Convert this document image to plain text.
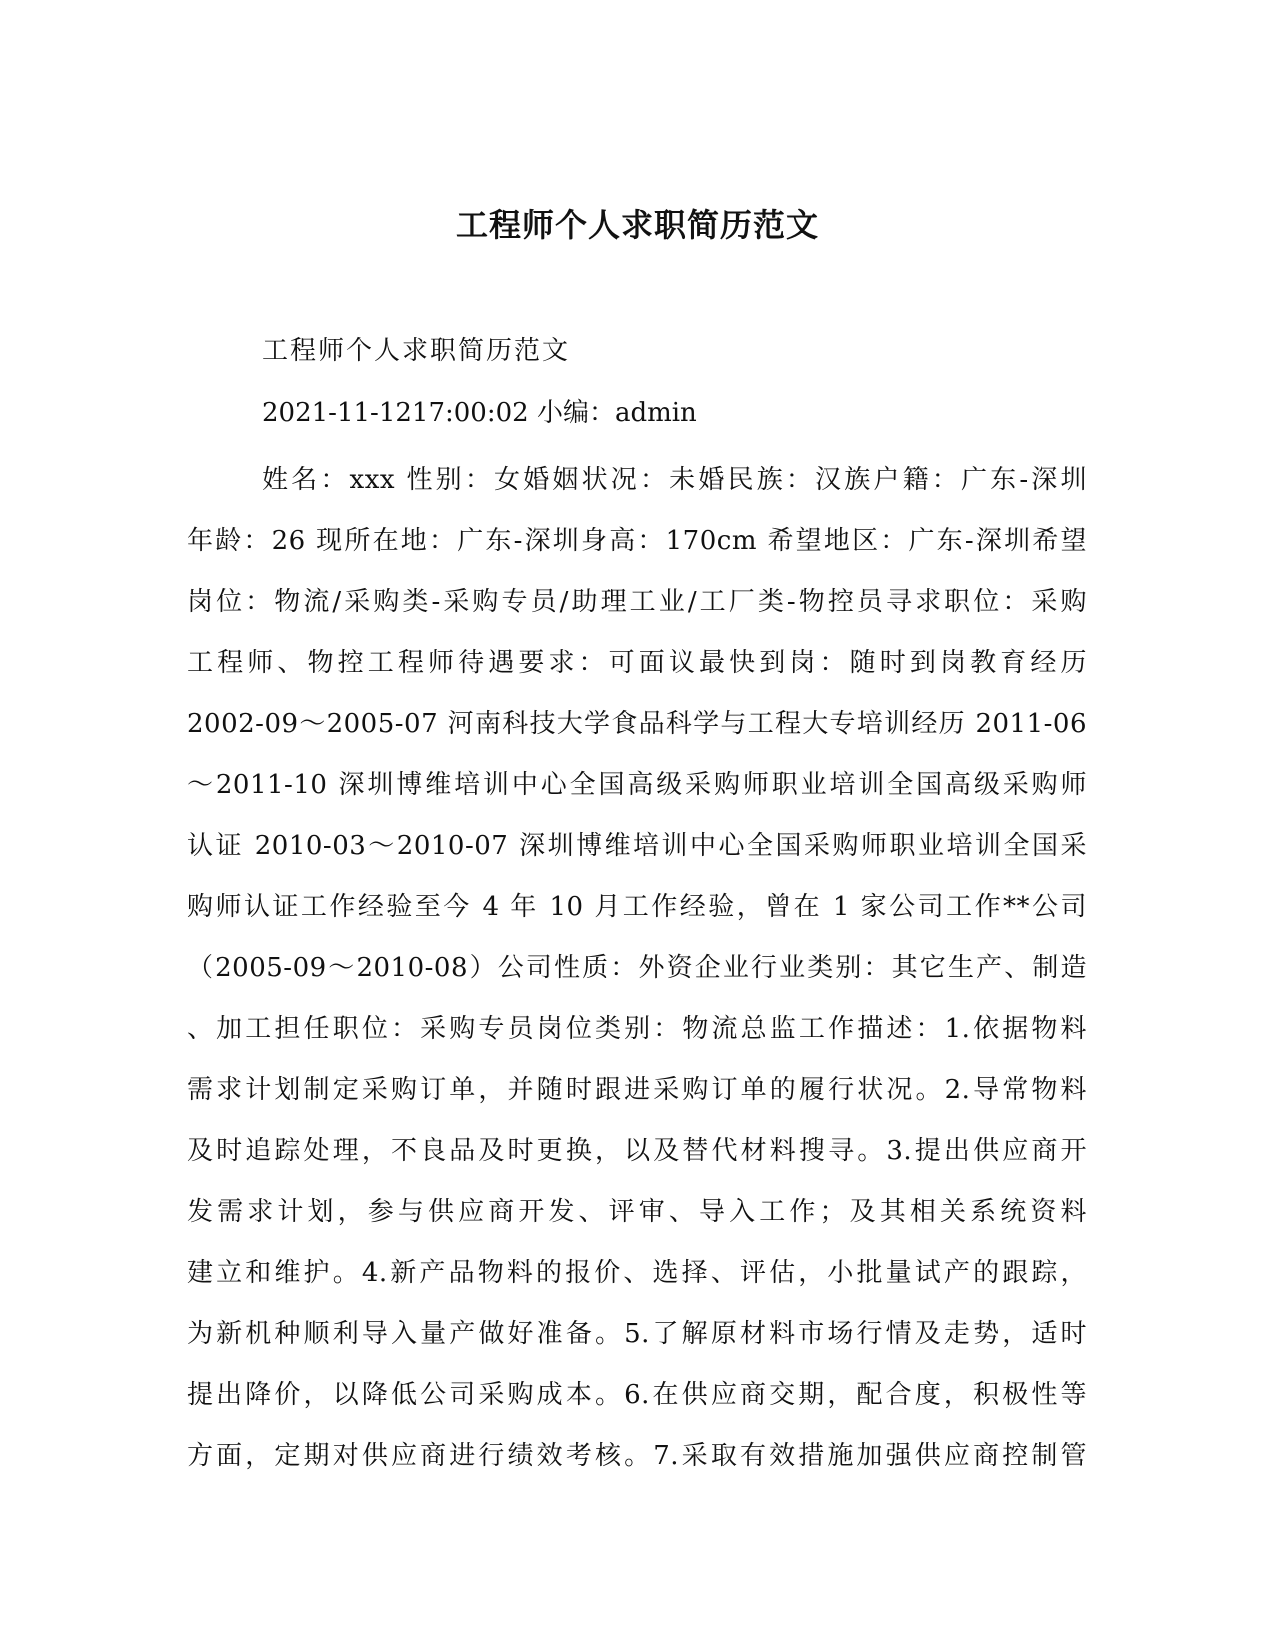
工程师个人求职简历范文

工程师个人求职简历范文

2021-11-1217:00:02 小编：admin

姓名：xxx 性别：女婚姻状况：未婚民族：汉族户籍：广东-深圳
年龄：26 现所在地：广东-深圳身高：170cm 希望地区：广东-深圳希望
岗位：物流/采购类-采购专员/助理工业/工厂类-物控员寻求职位：采购
工程师、物控工程师待遇要求：可面议最快到岗：随时到岗教育经历
2002-09～2005-07 河南科技大学食品科学与工程大专培训经历 2011-06
～2011-10 深圳博维培训中心全国高级采购师职业培训全国高级采购师
认证 2010-03～2010-07 深圳博维培训中心全国采购师职业培训全国采
购师认证工作经验至今 4 年 10 月工作经验，曾在 1 家公司工作**公司
（2005-09～2010-08）公司性质：外资企业行业类别：其它生产、制造
、加工担任职位：采购专员岗位类别：物流总监工作描述：1.依据物料
需求计划制定采购订单，并随时跟进采购订单的履行状况。2.导常物料
及时追踪处理，不良品及时更换，以及替代材料搜寻。3.提出供应商开
发需求计划，参与供应商开发、评审、导入工作；及其相关系统资料
建立和维护。4.新产品物料的报价、选择、评估，小批量试产的跟踪，
为新机种顺利导入量产做好准备。5.了解原材料市场行情及走势，适时
提出降价，以降低公司采购成本。6.在供应商交期，配合度，积极性等
方面，定期对供应商进行绩效考核。7.采取有效措施加强供应商控制管
